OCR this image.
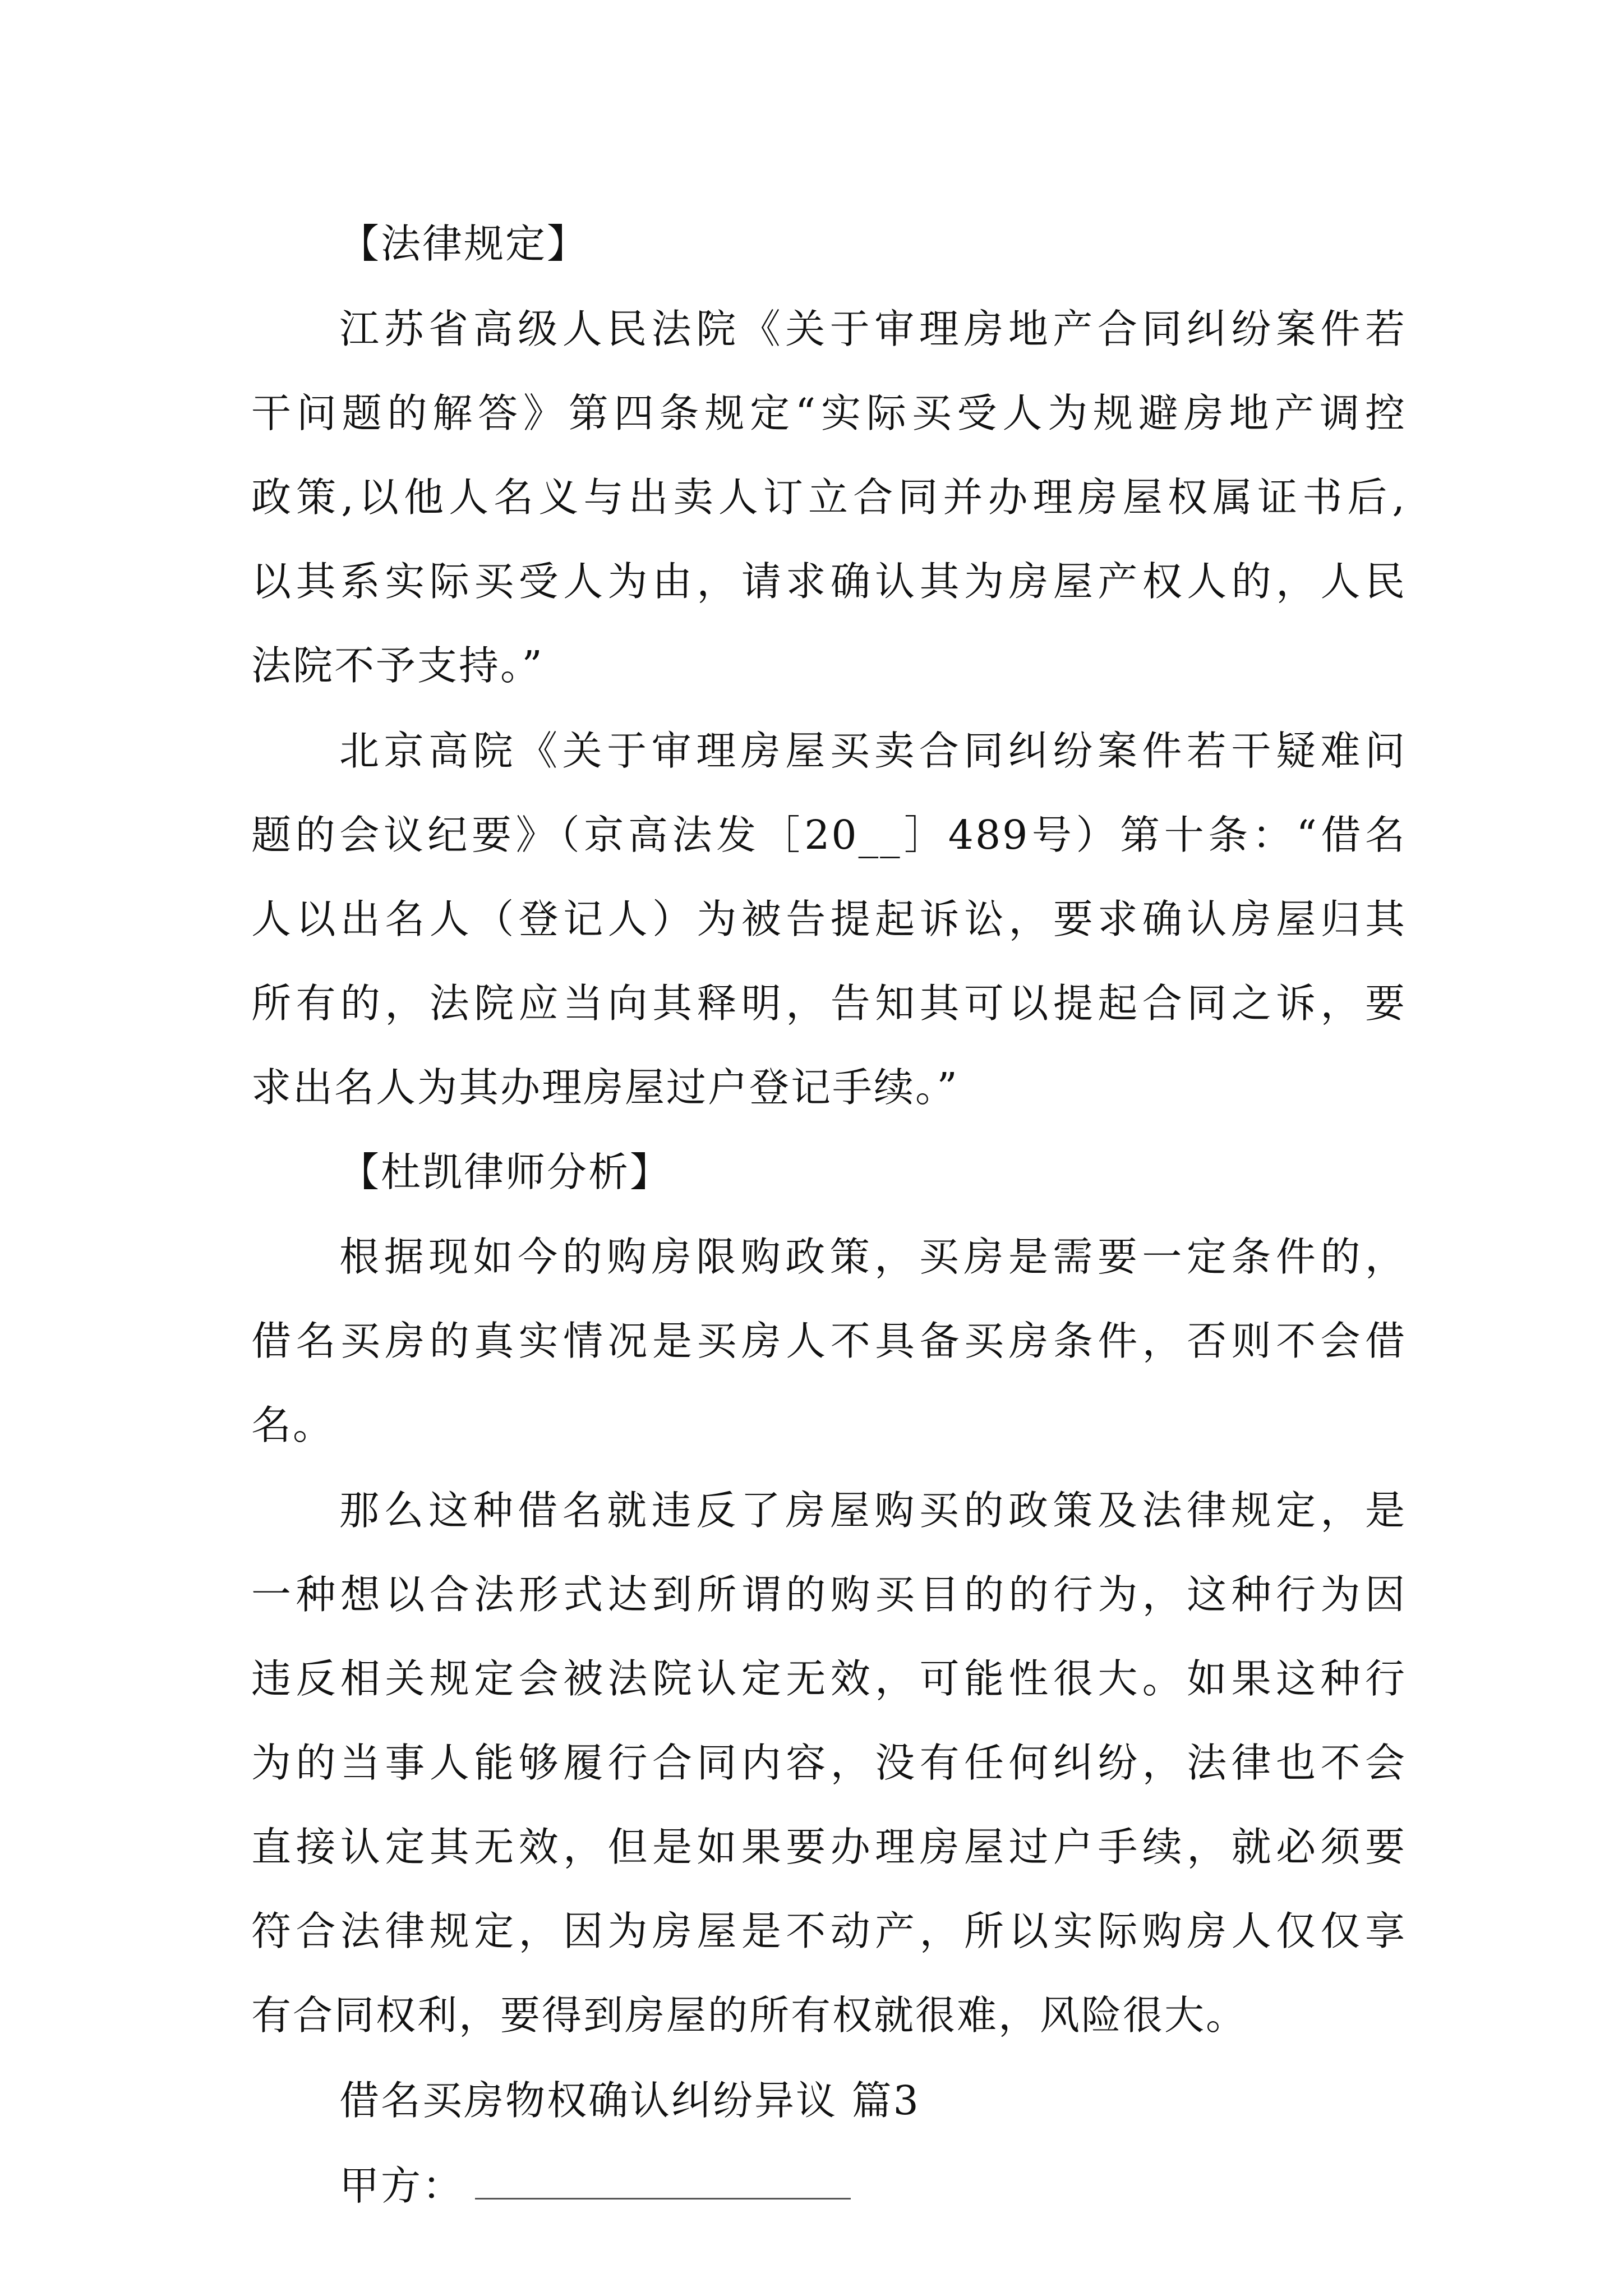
【法律规定】
江苏省高级人民法院《关于审理房地产合同纠纷案件若
干问题的解答》第四条规定“实际买受人为规避房地产调控
政策,以他人名义与出卖人订立合同并办理房屋权属证书后,
以其系实际买受人为由，请求确认其为房屋产权人的，人民
法院不予支持。”
北京高院《关于审理房屋买卖合同纠纷案件若干疑难问
题的会议纪要》（京高法发［20__］489号）第十条：“借名
人以出名人（登记人）为被告提起诉讼，要求确认房屋归其
所有的，法院应当向其释明，告知其可以提起合同之诉，要
求出名人为其办理房屋过户登记手续。”
【杜凯律师分析】
根据现如今的购房限购政策，买房是需要一定条件的，
借名买房的真实情况是买房人不具备买房条件，否则不会借
名。
那么这种借名就违反了房屋购买的政策及法律规定，是
一种想以合法形式达到所谓的购买目的的行为，这种行为因
违反相关规定会被法院认定无效，可能性很大。如果这种行
为的当事人能够履行合同内容，没有任何纠纷，法律也不会
直接认定其无效，但是如果要办理房屋过户手续，就必须要
符合法律规定，因为房屋是不动产，所以实际购房人仅仅享
有合同权利，要得到房屋的所有权就很难，风险很大。
借名买房物权确认纠纷异议 篇3
甲方：
